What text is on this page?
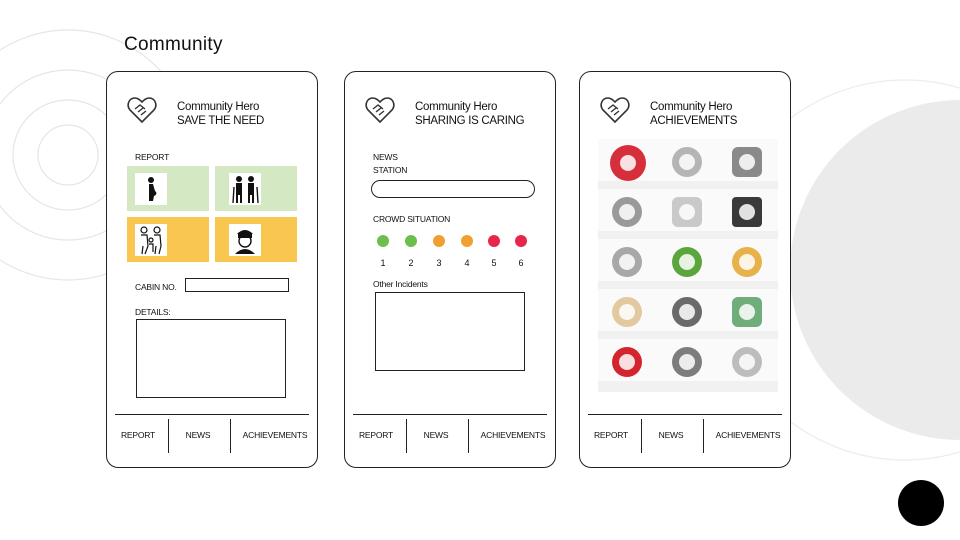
Community
Community Hero
SAVE THE NEED
REPORT
CABIN NO.
DETAILS:
REPORT	NEWS	ACHIEVEMENTS
Community Hero
SHARING IS CARING
NEWS
STATION
CROWD SITUATION
1	2	3	4	5	6
Other Incidents
REPORT	NEWS	ACHIEVEMENTS
Community Hero
ACHIEVEMENTS
REPORT	NEWS	ACHIEVEMENTS
